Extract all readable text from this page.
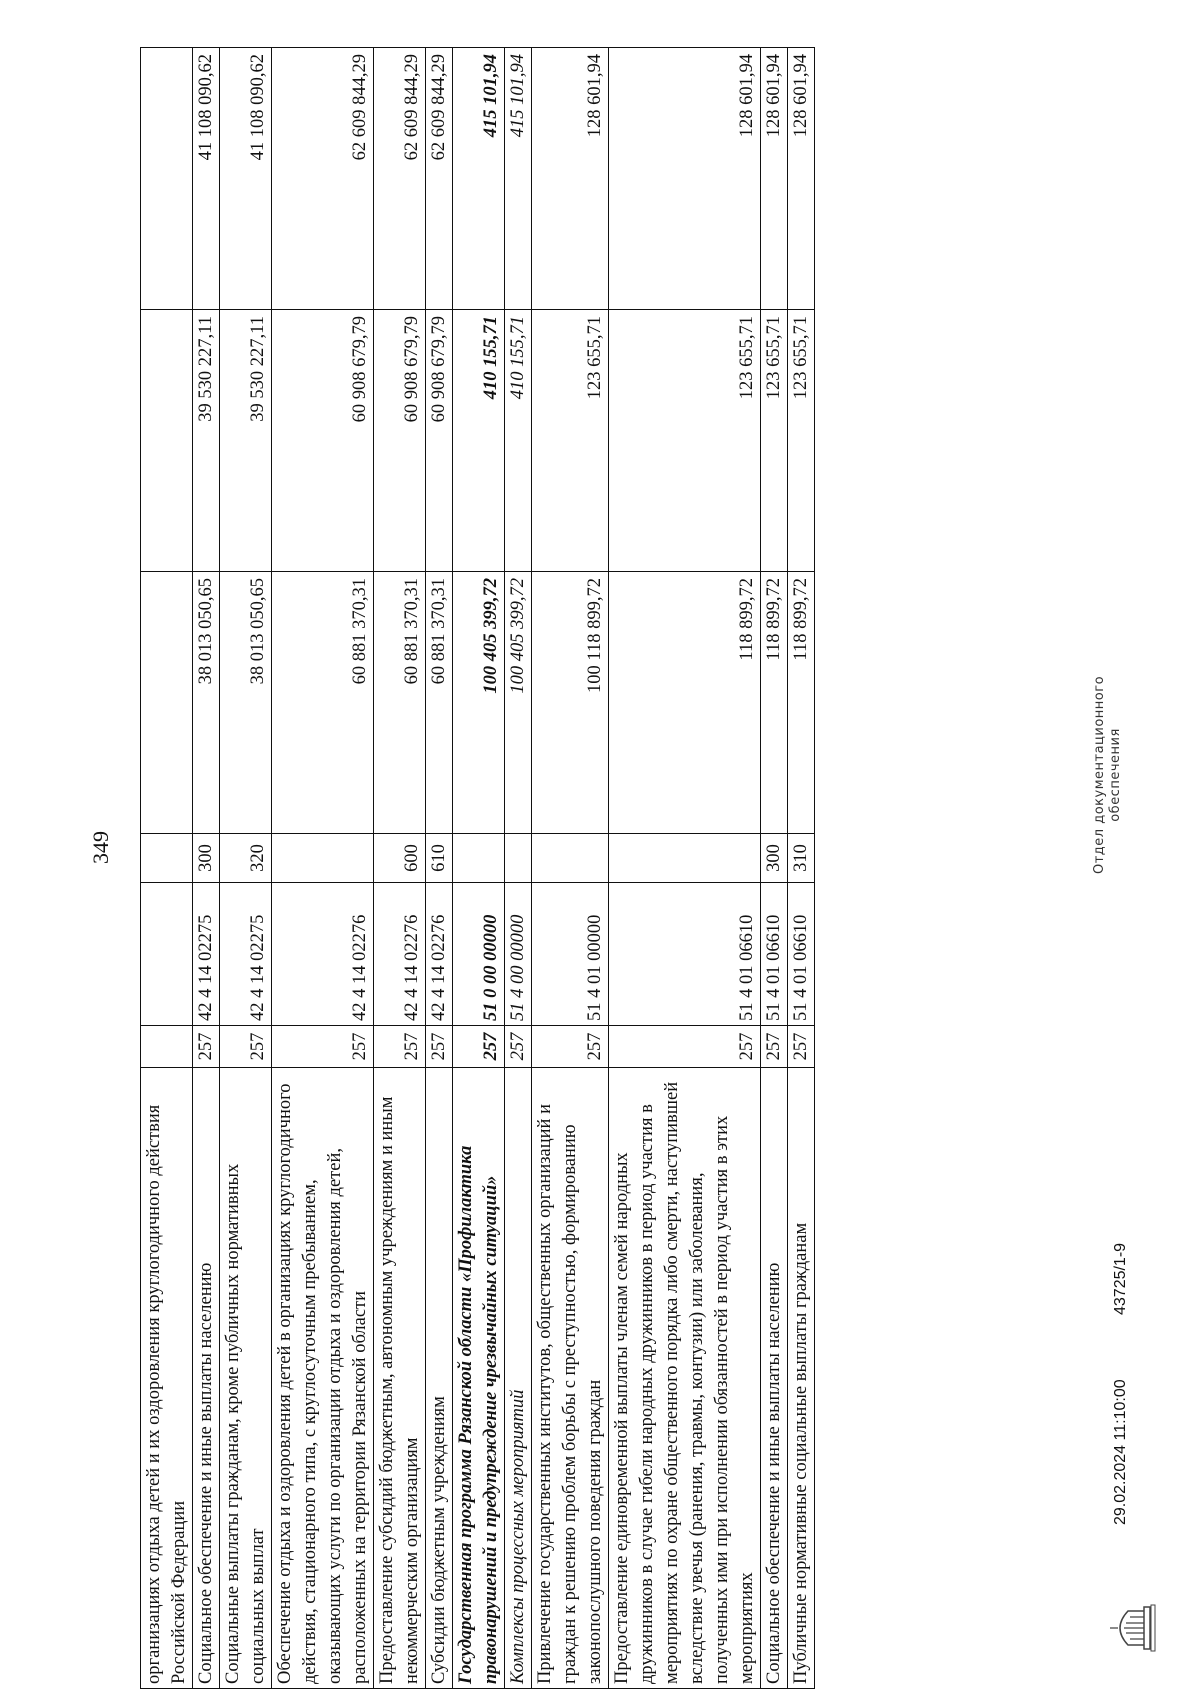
организациях отдыха детей и их оздоровления круглогодичного действия Российской Федерации						
Социальное обеспечение и иные выплаты населению	257	42 4 14 02275	300	38 013 050,65	39 530 227,11	41 108 090,62
Социальные выплаты гражданам, кроме публичных нормативных социальных выплат	257	42 4 14 02275	320	38 013 050,65	39 530 227,11	41 108 090,62
Обеспечение отдыха и оздоровления детей в организациях круглогодичного действия, стационарного типа, с круглосуточным пребыванием, оказывающих услуги по организации отдыха и оздоровления детей, расположенных на территории Рязанской области	257	42 4 14 02276		60 881 370,31	60 908 679,79	62 609 844,29
Предоставление субсидий бюджетным, автономным учреждениям и иным некоммерческим организациям	257	42 4 14 02276	600	60 881 370,31	60 908 679,79	62 609 844,29
Субсидии бюджетным учреждениям	257	42 4 14 02276	610	60 881 370,31	60 908 679,79	62 609 844,29
Государственная программа Рязанской области «Профилактика правонарушений и предупреждение чрезвычайных ситуаций»	257	51 0 00 00000		100 405 399,72	410 155,71	415 101,94
Комплексы процессных мероприятий	257	51 4 00 00000		100 405 399,72	410 155,71	415 101,94
Привлечение государственных институтов, общественных организаций и граждан к решению проблем борьбы с преступностью, формированию законопослушного поведения граждан	257	51 4 01 00000		100 118 899,72	123 655,71	128 601,94
Предоставление единовременной выплаты членам семей народных дружинников в случае гибели народных дружинников в период участия в мероприятиях по охране общественного порядка либо смерти, наступившей вследствие увечья (ранения, травмы, контузии) или заболевания, полученных ими при исполнении обязанностей в период участия в этих мероприятиях	257	51 4 01 06610		118 899,72	123 655,71	128 601,94
Социальное обеспечение и иные выплаты населению	257	51 4 01 06610	300	118 899,72	123 655,71	128 601,94
Публичные нормативные социальные выплаты гражданам	257	51 4 01 06610	310	118 899,72	123 655,71	128 601,94
29.02.2024 11:10:00
43725/1-9
Отдел документационного обеспечения
349
